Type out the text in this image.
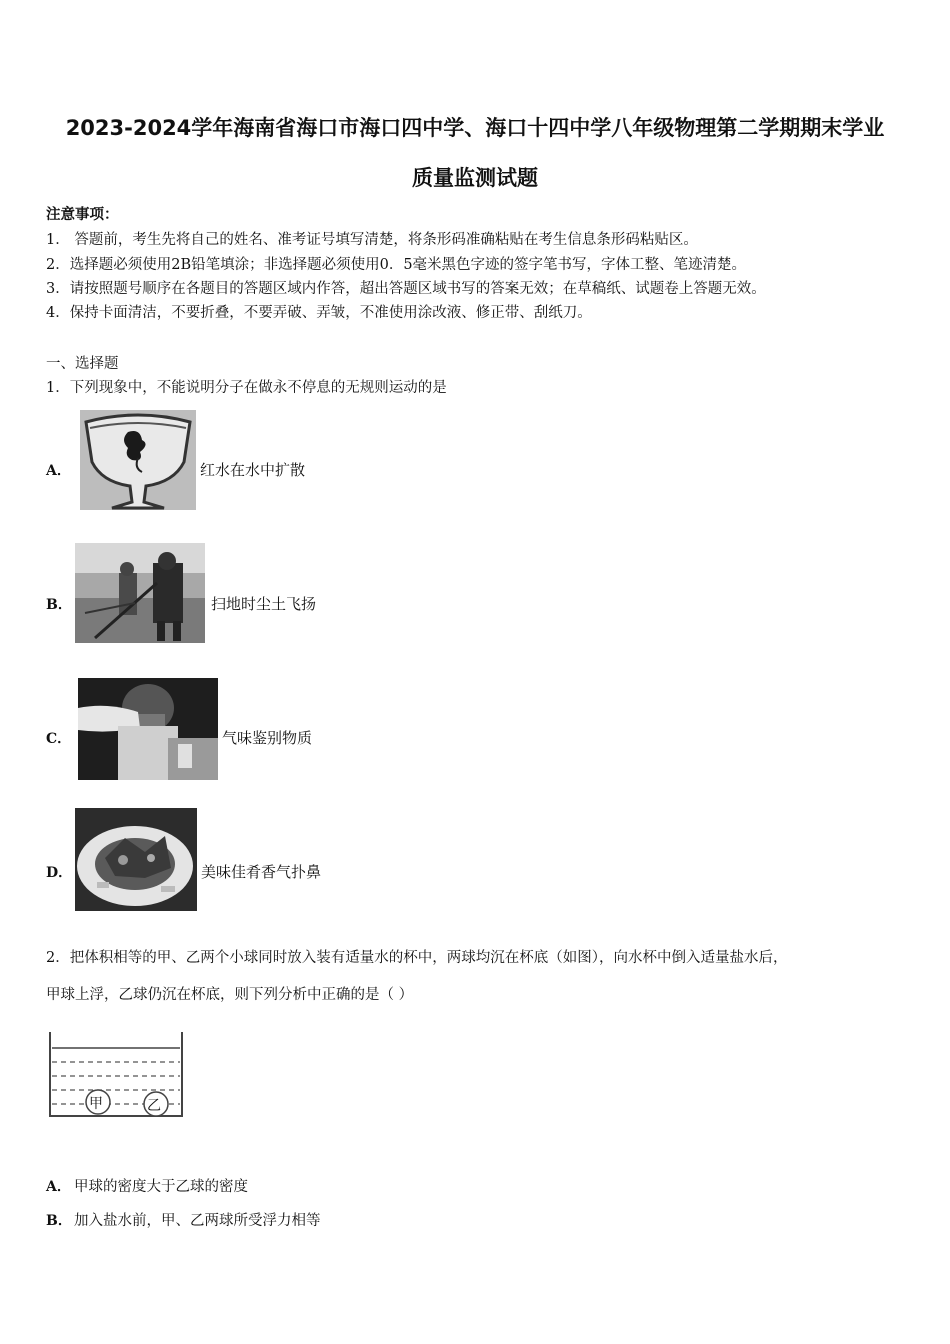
2023-2024学年海南省海口市海口四中学、海口十四中学八年级物理第二学期期末学业
质量监测试题
注意事项：
1． 答题前，考生先将自己的姓名、准考证号填写清楚，将条形码准确粘贴在考生信息条形码粘贴区。
2．选择题必须使用2B铅笔填涂；非选择题必须使用0．5毫米黑色字迹的签字笔书写，字体工整、笔迹清楚。
3．请按照题号顺序在各题目的答题区域内作答，超出答题区域书写的答案无效；在草稿纸、试题卷上答题无效。
4．保持卡面清洁，不要折叠，不要弄破、弄皱，不准使用涂改液、修正带、刮纸刀。
一、选择题
1．下列现象中，不能说明分子在做永不停息的无规则运动的是
A．	红水在水中扩散
B．	扫地时尘土飞扬
C．	气味鉴别物质
D．	美味佳肴香气扑鼻
2．把体积相等的甲、乙两个小球同时放入装有适量水的杯中，两球均沉在杯底（如图），向水杯中倒入适量盐水后，
甲球上浮，乙球仍沉在杯底，则下列分析中正确的是（ ）
甲	乙
A． 甲球的密度大于乙球的密度
B． 加入盐水前，甲、乙两球所受浮力相等
